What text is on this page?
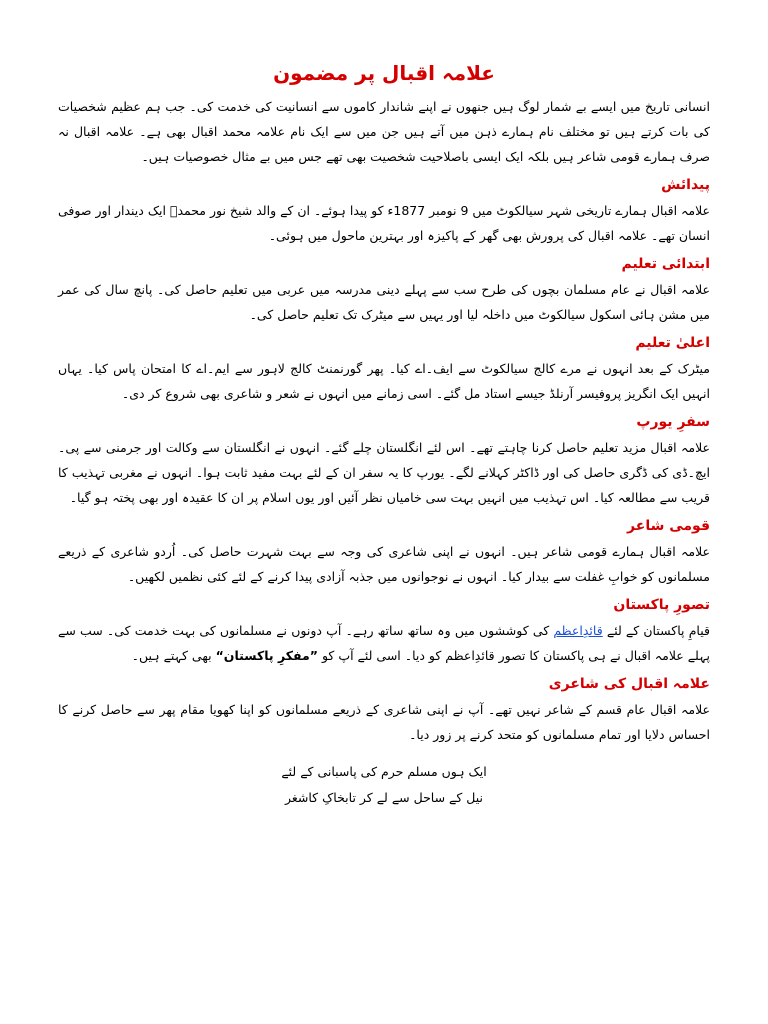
علامہ اقبال پر مضمون

انسانی تاریخ میں ایسے بے شمار لوگ ہیں جنھوں نے اپنے شاندار کاموں سے انسانیت کی خدمت کی۔ جب ہم عظیم شخصیات کی بات کرتے ہیں تو مختلف نام ہمارے ذہن میں آتے ہیں جن میں سے ایک نام علامہ محمد اقبال بھی ہے۔ علامہ اقبال نہ صرف ہمارے قومی شاعر ہیں بلکہ ایک ایسی باصلاحیت شخصیت بھی تھے جس میں بے مثال خصوصیات ہیں۔

پیدائش

علامہ اقبال ہمارے تاریخی شہر سیالکوٹ میں 9 نومبر 1877ء کو پیدا ہوئے۔ ان کے والد شیخ نور محمدؒ ایک دیندار اور صوفی انسان تھے۔ علامہ اقبال کی پرورش بھی گھر کے پاکیزہ اور بہترین ماحول میں ہوئی۔

ابتدائی تعلیم

علامہ اقبال نے عام مسلمان بچوں کی طرح سب سے پہلے دینی مدرسہ میں عربی میں تعلیم حاصل کی۔ پانچ سال کی عمر میں مشن ہائی اسکول سیالکوٹ میں داخلہ لیا اور یہیں سے میٹرک تک تعلیم حاصل کی۔

اعلیٰ تعلیم

میٹرک کے بعد انہوں نے مرے کالج سیالکوٹ سے ایف۔اے کیا۔ پھر گورنمنٹ کالج لاہور سے ایم۔اے کا امتحان پاس کیا۔ یہاں انہیں ایک انگریز پروفیسر آرنلڈ جیسے استاد مل گئے۔ اسی زمانے میں انہوں نے شعر و شاعری بھی شروع کر دی۔

سفرِ یورپ

علامہ اقبال مزید تعلیم حاصل کرنا چاہتے تھے۔ اس لئے انگلستان چلے گئے۔ انہوں نے انگلستان سے وکالت اور جرمنی سے پی۔ایچ۔ڈی کی ڈگری حاصل کی اور ڈاکٹر کہلانے لگے۔ یورپ کا یہ سفر ان کے لئے بہت مفید ثابت ہوا۔ انہوں نے مغربی تہذیب کا قریب سے مطالعہ کیا۔ اس تہذیب میں انہیں بہت سی خامیاں نظر آئیں اور یوں اسلام پر ان کا عقیدہ اور بھی پختہ ہو گیا۔

قومی شاعر

علامہ اقبال ہمارے قومی شاعر ہیں۔ انہوں نے اپنی شاعری کی وجہ سے بہت شہرت حاصل کی۔ اُردو شاعری کے ذریعے مسلمانوں کو خوابِ غفلت سے بیدار کیا۔ انہوں نے نوجوانوں میں جذبہ آزادی پیدا کرنے کے لئے کئی نظمیں لکھیں۔

تصورِ پاکستان

قیامِ پاکستان کے لئے قائدِاعظم کی کوششوں میں وہ ساتھ ساتھ رہے۔ آپ دونوں نے مسلمانوں کی بہت خدمت کی۔ سب سے پہلے علامہ اقبال نے ہی پاکستان کا تصور قائدِاعظم کو دیا۔ اسی لئے آپ کو ”مفکرِ پاکستان“ بھی کہتے ہیں۔

علامہ اقبال کی شاعری

علامہ اقبال عام قسم کے شاعر نہیں تھے۔ آپ نے اپنی شاعری کے ذریعے مسلمانوں کو اپنا کھویا مقام پھر سے حاصل کرنے کا احساس دلایا اور تمام مسلمانوں کو متحد کرنے پر زور دیا۔

ایک ہوں مسلم حرم کی پاسبانی کے لئے
نیل کے ساحل سے لے کر تابخاکِ کاشغر
